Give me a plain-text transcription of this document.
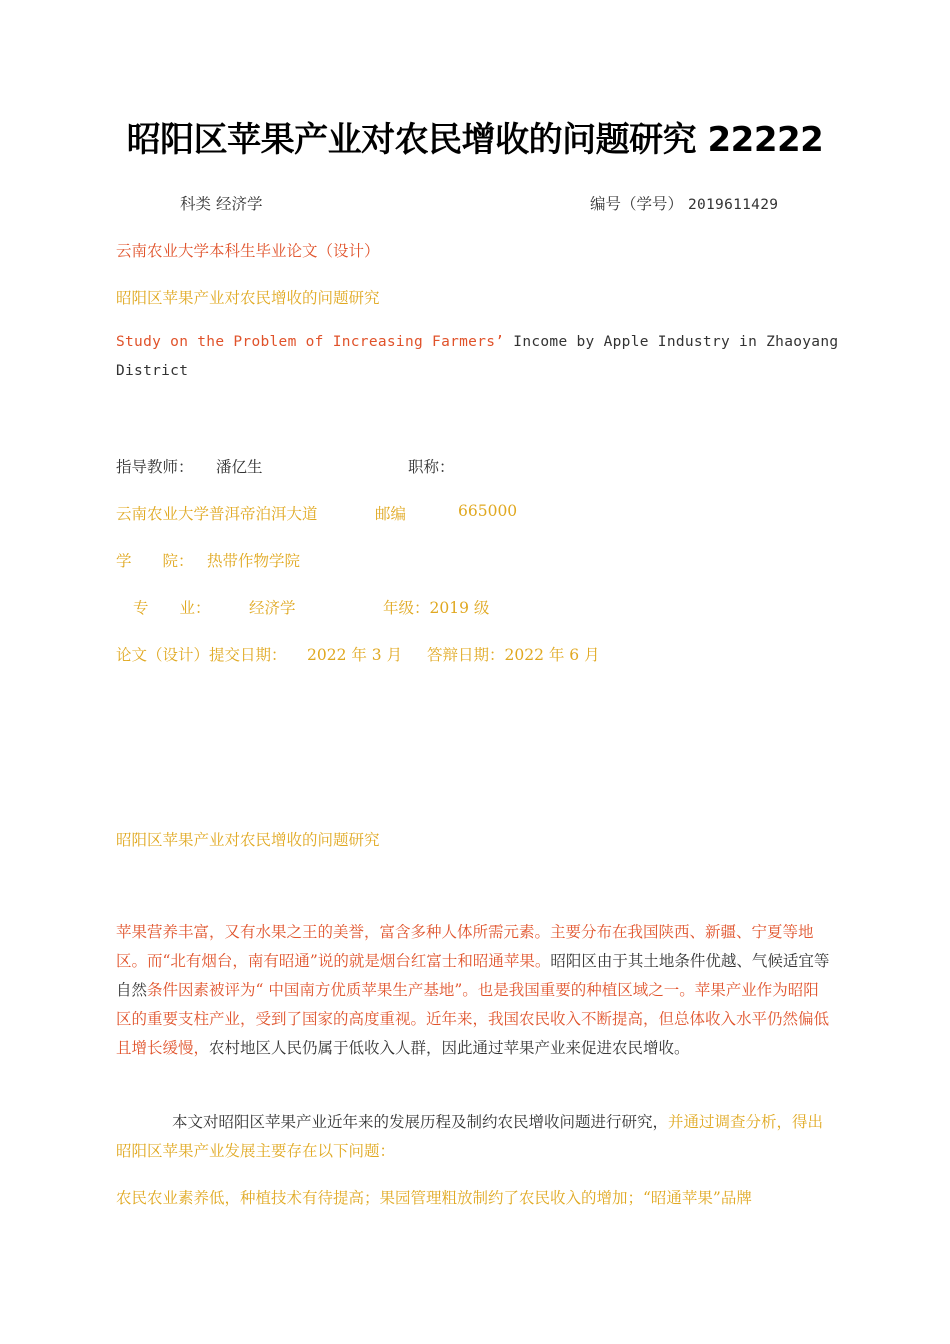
昭阳区苹果产业对农民增收的问题研究 22222
科类 经济学	编号（学号） 2019611429
云南农业大学本科生毕业论文（设计）
昭阳区苹果产业对农民增收的问题研究
Study on the Problem of Increasing Farmers’ Income by Apple Industry in Zhaoyang
District
指导教师： 潘亿生	职称：
云南农业大学普洱帝泊洱大道	邮编	665000
学　　院： 热带作物学院
专　　业： 经济学	年级：2019 级
论文（设计）提交日期： 2022 年 3 月 答辩日期：2022 年 6 月
昭阳区苹果产业对农民增收的问题研究
苹果营养丰富，又有水果之王的美誉，富含多种人体所需元素。主要分布在我国陕西、新疆、宁夏等地区。而“北有烟台，南有昭通”说的就是烟台红富士和昭通苹果。昭阳区由于其土地条件优越、气候适宜等自然条件因素被评为“ 中国南方优质苹果生产基地”。也是我国重要的种植区域之一。苹果产业作为昭阳区的重要支柱产业，受到了国家的高度重视。近年来，我国农民收入不断提高，但总体收入水平仍然偏低且增长缓慢，农村地区人民仍属于低收入人群，因此通过苹果产业来促进农民增收。
本文对昭阳区苹果产业近年来的发展历程及制约农民增收问题进行研究，并通过调查分析，得出昭阳区苹果产业发展主要存在以下问题：
农民农业素养低，种植技术有待提高；果园管理粗放制约了农民收入的增加；“昭通苹果”品牌
